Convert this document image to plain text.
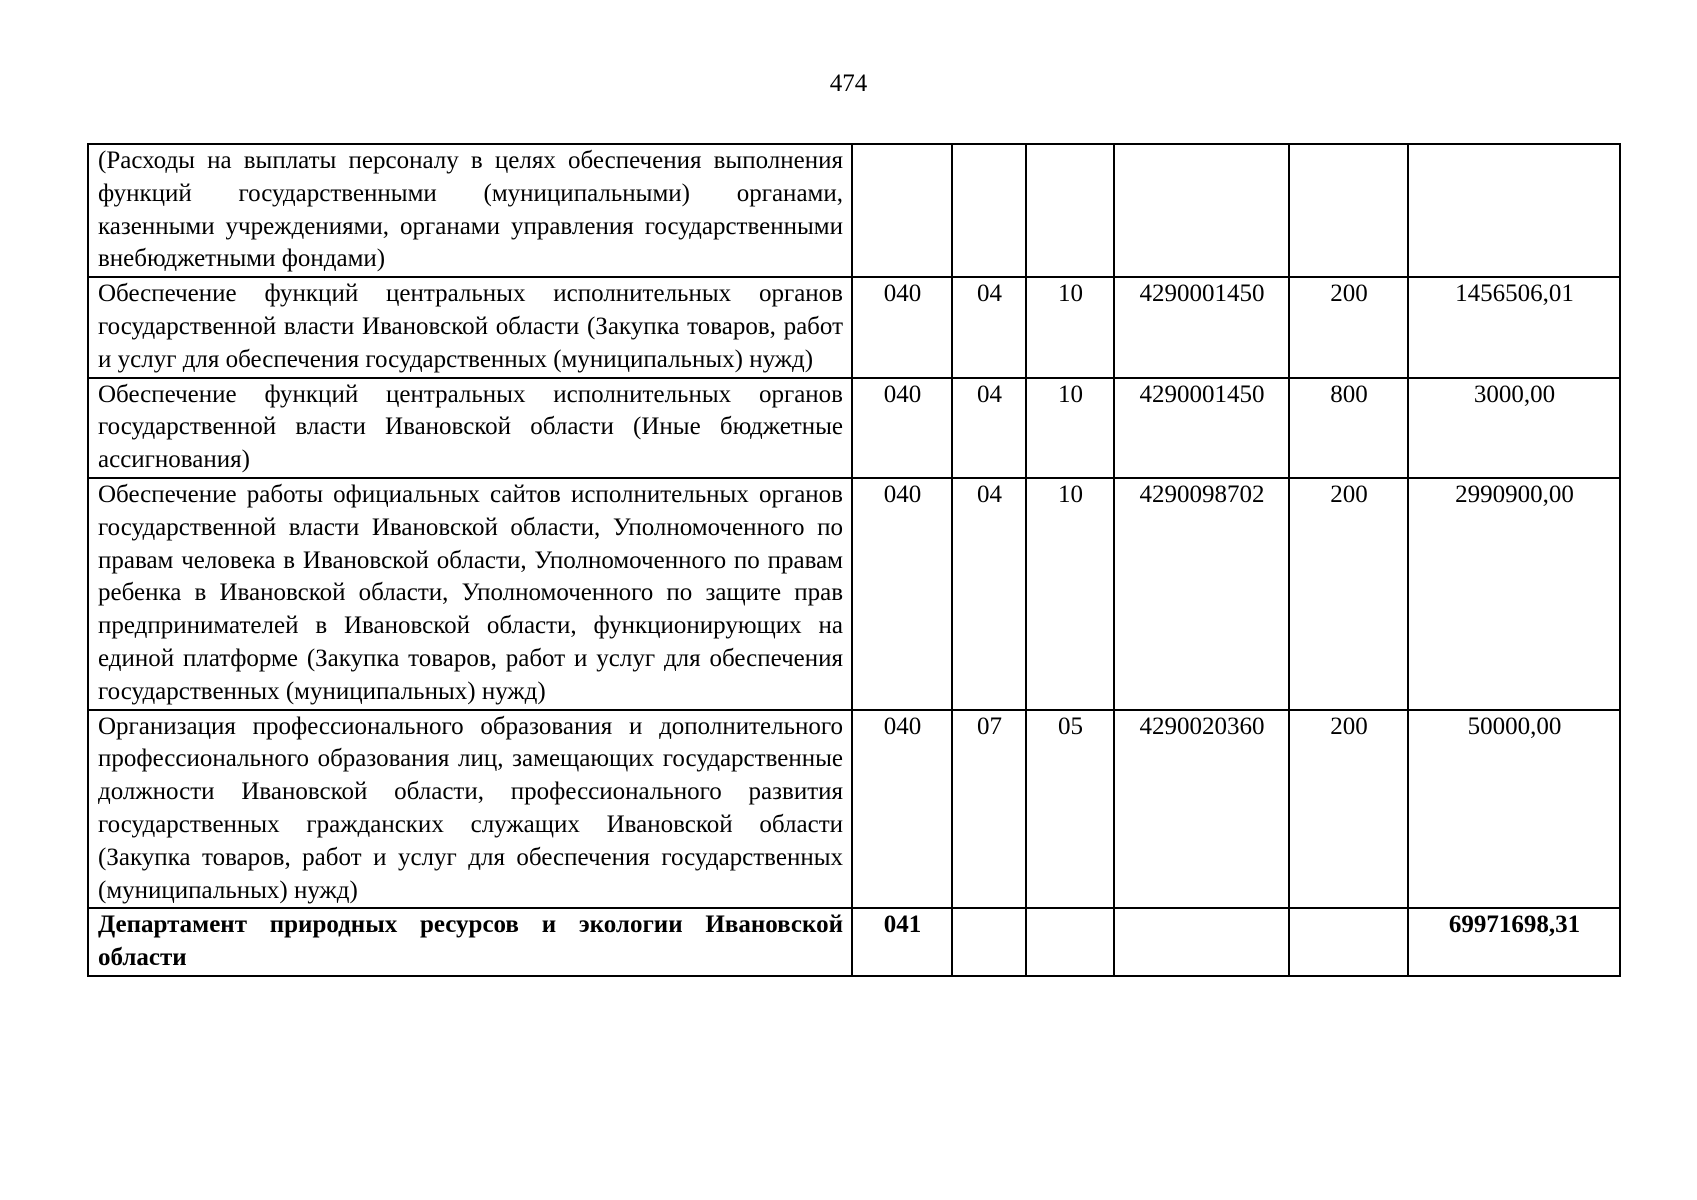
474
(Расходы на выплаты персоналу в целях обеспечения выполнения функций государственными (муниципальными) органами, казенными учреждениями, органами управления государственными внебюджетными фондами)						
Обеспечение функций центральных исполнительных органов государственной власти Ивановской области (Закупка товаров, работ и услуг для обеспечения государственных (муниципальных) нужд)	040	04	10	4290001450	200	1456506,01
Обеспечение функций центральных исполнительных органов государственной власти Ивановской области (Иные бюджетные ассигнования)	040	04	10	4290001450	800	3000,00
Обеспечение работы официальных сайтов исполнительных органов государственной власти Ивановской области, Уполномоченного по правам человека в Ивановской области, Уполномоченного по правам ребенка в Ивановской области, Уполномоченного по защите прав предпринимателей в Ивановской области, функционирующих на единой платформе (Закупка товаров, работ и услуг для обеспечения государственных (муниципальных) нужд)	040	04	10	4290098702	200	2990900,00
Организация профессионального образования и дополнительного профессионального образования лиц, замещающих государственные должности Ивановской области, профессионального развития государственных гражданских служащих Ивановской области (Закупка товаров, работ и услуг для обеспечения государственных (муниципальных) нужд)	040	07	05	4290020360	200	50000,00
Департамент природных ресурсов и экологии Ивановской области	041					69971698,31
